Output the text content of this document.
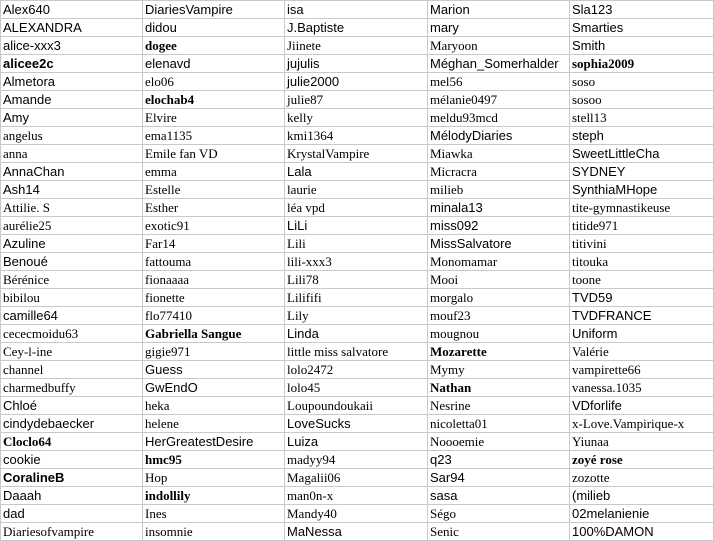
Alex640	DiariesVampire	isa	Marion	Sla123
ALEXANDRA	didou	J.Baptiste	mary	Smarties
alice-xxx3	dogee	Jiinete	Maryoon	Smith
alicee2c	elenavd	jujulis	Méghan_Somerhalder	sophia2009
Almetora	elo06	julie2000	mel56	soso
Amande	elochab4	julie87	mélanie0497	sosoo
Amy	Elvire	kelly	meldu93mcd	stell13
angelus	ema1135	kmi1364	MélodyDiaries	steph
anna	Emile fan VD	KrystalVampire	Miawka	SweetLittleCha
AnnaChan	emma	Lala	Micracra	SYDNEY
Ash14	Estelle	laurie	milieb	SynthiaMHope
Attilie. S	Esther	léa vpd	minala13	tite-gymnastikeuse
aurélie25	exotic91	LiLi	miss092	titide971
Azuline	Far14	Lili	MissSalvatore	titivini
Benoué	fattouma	lili-xxx3	Monomamar	titouka
Bérénice	fionaaaa	Lili78	Mooi	toone
bibilou	fionette	Lilififi	morgalo	TVD59
camille64	flo77410	Lily	mouf23	TVDFRANCE
cececmoidu63	Gabriella Sangue	Linda	mougnou	Uniform
Cey-l-ine	gigie971	little miss salvatore	Mozarette	Valérie
channel	Guess	lolo2472	Mymy	vampirette66
charmedbuffy	GwEndO	lolo45	Nathan	vanessa.1035
Chloé	heka	Loupoundoukaii	Nesrine	VDforlife
cindydebaecker	helene	LoveSucks	nicoletta01	x-Love.Vampirique-x
Cloclo64	HerGreatestDesire	Luiza	Noooemie	Yiunaa
cookie	hmc95	madyy94	q23	zoyé rose
CoralineB	Hop	Magalii06	Sar94	zozotte
Daaah	indollily	man0n-x	sasa	(milieb
dad	Ines	Mandy40	Ségo	02melanienie
Diariesofvampire	insomnie	MaNessa	Senic	100%DAMON
